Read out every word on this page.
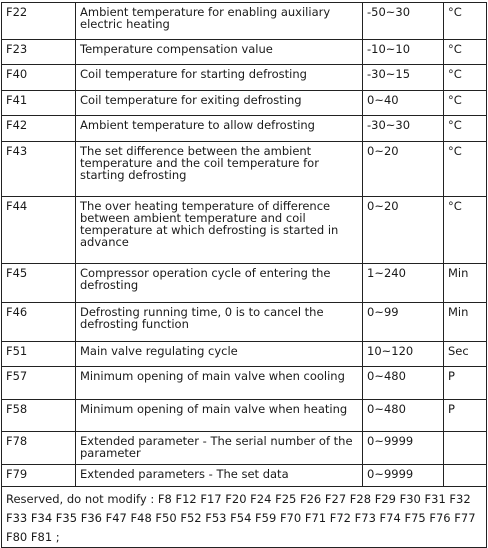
F22	Ambient temperature for enabling auxiliary electric heating	-50~30	°C
F23	Temperature compensation value	-10~10	°C
F40	Coil temperature for starting defrosting	-30~15	°C
F41	Coil temperature for exiting defrosting	0~40	°C
F42	Ambient temperature to allow defrosting	-30~30	°C
F43	The set difference between the ambient temperature and the coil temperature for starting defrosting	0~20	°C
F44	The over heating temperature of difference between ambient temperature and coil temperature at which defrosting is started in advance	0~20	°C
F45	Compressor operation cycle of entering the defrosting	1~240	Min
F46	Defrosting running time, 0 is to cancel the defrosting function	0~99	Min
F51	Main valve regulating cycle	10~120	Sec
F57	Minimum opening of main valve when cooling	0~480	P
F58	Minimum opening of main valve when heating	0~480	P
F78	Extended parameter - The serial number of the parameter	0~9999	
F79	Extended parameters - The set data	0~9999	
Reserved, do not modify : F8 F12 F17 F20 F24 F25 F26 F27 F28 F29 F30 F31 F32 F33 F34 F35 F36 F47 F48 F50 F52 F53 F54 F59 F70 F71 F72 F73 F74 F75 F76 F77 F80 F81 ;			
